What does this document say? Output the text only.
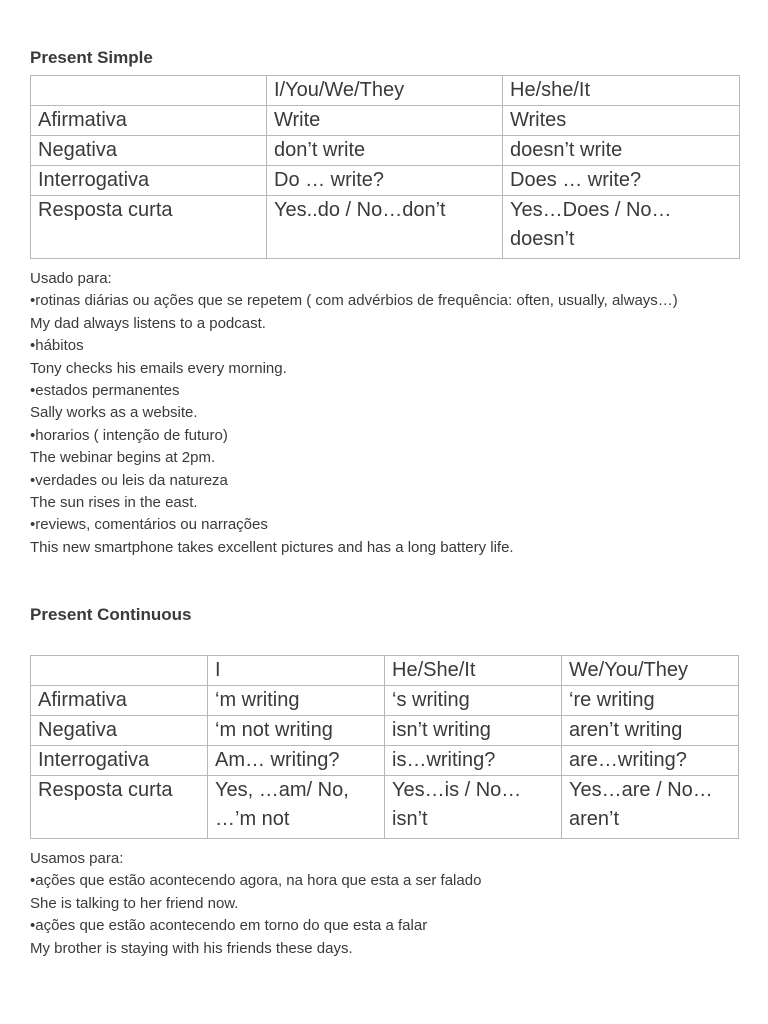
Present Simple
	I/You/We/They	He/she/It
Afirmativa	Write	Writes
Negativa	don’t write	doesn’t write
Interrogativa	Do … write?	Does … write?
Resposta curta	Yes..do / No…don’t	Yes…Does / No… doesn’t
Usado para:
•rotinas diárias ou ações que se repetem ( com advérbios de frequência: often, usually, always…)
My dad always listens to a podcast.
•hábitos
Tony checks his emails every morning.
•estados permanentes
Sally works as a website.
•horarios ( intenção de futuro)
The webinar begins at 2pm.
•verdades ou leis da natureza
The sun rises in the east.
•reviews, comentários ou narrações
This new smartphone takes excellent pictures and has a long battery life.
Present Continuous
	I	He/She/It	We/You/They
Afirmativa	‘m writing	‘s writing	‘re writing
Negativa	‘m not writing	isn’t writing	aren’t writing
Interrogativa	Am… writing?	is…writing?	are…writing?
Resposta curta	Yes, …am/ No, …’m not	Yes…is / No… isn’t	Yes…are / No… aren’t
Usamos para:
•ações que estão acontecendo agora, na hora que esta a ser falado
She is talking to her friend now.
•ações que estão acontecendo em torno do que esta a falar
My brother is staying with his friends these days.
